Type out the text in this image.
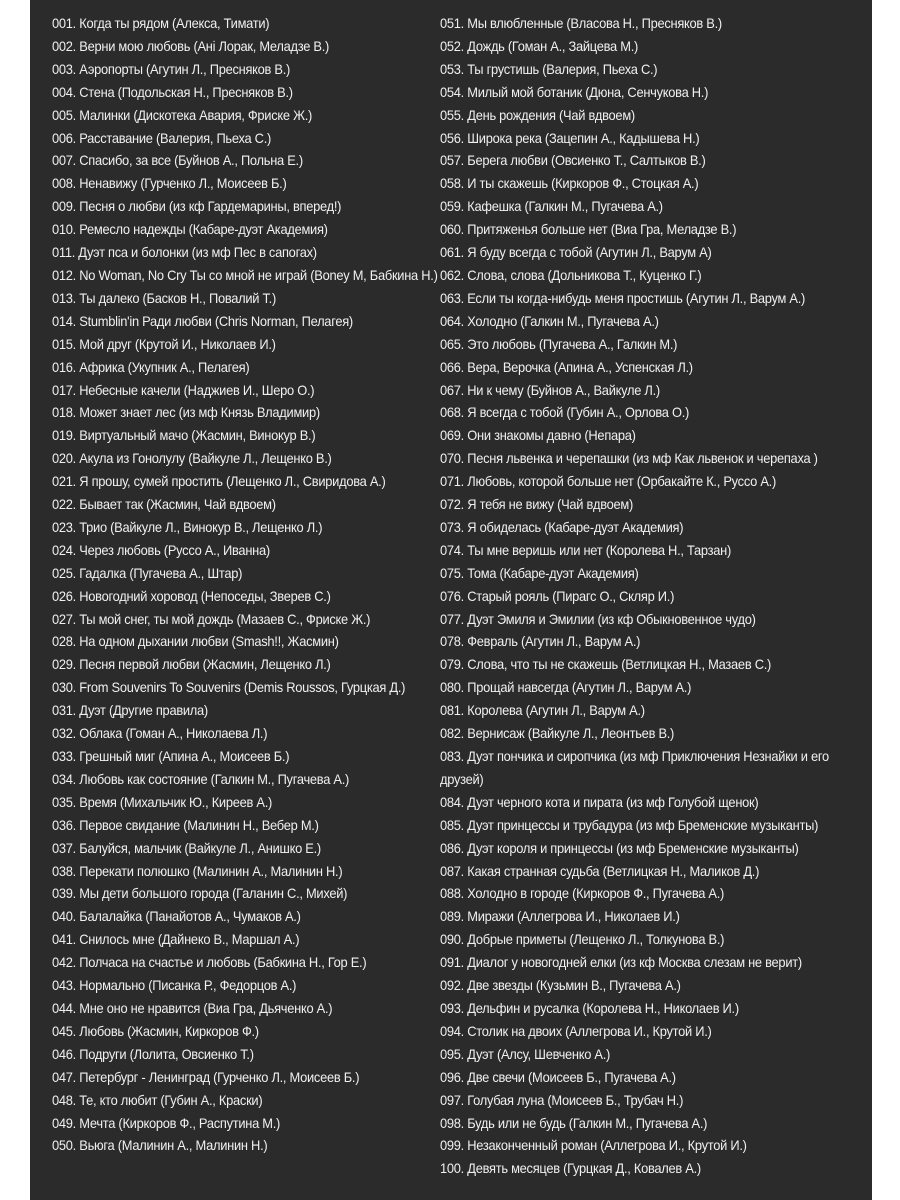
001. Когда ты рядом (Алекса, Тимати)
002. Верни мою любовь (Ані Лорак, Меладзе В.)
003. Аэропорты (Агутин Л., Пресняков В.)
004. Стена (Подольская Н., Пресняков В.)
005. Малинки (Дискотека Авария, Фриске Ж.)
006. Расставание (Валерия, Пьеха С.)
007. Спасибо, за все (Буйнов А., Польна Е.)
008. Ненавижу (Гурченко Л., Моисеев Б.)
009. Песня о любви (из кф Гардемарины, вперед!)
010. Ремесло надежды (Кабаре-дуэт Академия)
011. Дуэт пса и болонки (из мф Пес в сапогах)
012. No Woman, No Cry Ты со мной не играй (Boney M, Бабкина Н.)
013. Ты далеко (Басков Н., Повалий Т.)
014. Stumblin'in Ради любви (Chris Norman, Пелагея)
015. Мой друг (Крутой И., Николаев И.)
016. Африка (Укупник А., Пелагея)
017. Небесные качели (Наджиев И., Шеро О.)
018. Может знает лес (из мф Князь Владимир)
019. Виртуальный мачо (Жасмин, Винокур В.)
020. Акула из Гонолулу (Вайкуле Л., Лещенко В.)
021. Я прошу, сумей простить (Лещенко Л., Свиридова А.)
022. Бывает так (Жасмин, Чай вдвоем)
023. Трио (Вайкуле Л., Винокур В., Лещенко Л.)
024. Через любовь (Руссо А., Иванна)
025. Гадалка (Пугачева А., Штар)
026. Новогодний хоровод (Непоседы, Зверев С.)
027. Ты мой снег, ты мой дождь (Мазаев С., Фриске Ж.)
028. На одном дыхании любви (Smash!!, Жасмин)
029. Песня первой любви (Жасмин, Лещенко Л.)
030. From Souvenirs To Souvenirs (Demis Roussos, Гурцкая Д.)
031. Дуэт (Другие правила)
032. Облака (Гоман А., Николаева Л.)
033. Грешный миг (Апина А., Моисеев Б.)
034. Любовь как состояние (Галкин М., Пугачева А.)
035. Время (Михальчик Ю., Киреев А.)
036. Первое свидание (Малинин Н., Вебер М.)
037. Балуйся, мальчик (Вайкуле Л., Анишко Е.)
038. Перекати полюшко (Малинин А., Малинин Н.)
039. Мы дети большого города (Галанин С., Михей)
040. Балалайка (Панайотов А., Чумаков А.)
041. Снилось мне (Дайнеко В., Маршал А.)
042. Полчаса на счастье и любовь (Бабкина Н., Гор Е.)
043. Нормально (Писанка Р., Федорцов А.)
044. Мне оно не нравится (Виа Гра, Дьяченко А.)
045. Любовь (Жасмин, Киркоров Ф.)
046. Подруги (Лолита, Овсиенко Т.)
047. Петербург - Ленинград (Гурченко Л., Моисеев Б.)
048. Те, кто любит (Губин А., Краски)
049. Мечта (Киркоров Ф., Распутина М.)
050. Вьюга (Малинин А., Малинин Н.)
051. Мы влюбленные (Власова Н., Пресняков В.)
052. Дождь (Гоман А., Зайцева М.)
053. Ты грустишь (Валерия, Пьеха С.)
054. Милый мой ботаник (Дюна, Сенчукова Н.)
055. День рождения (Чай вдвоем)
056. Широка река (Зацепин А., Кадышева Н.)
057. Берега любви (Овсиенко Т., Салтыков В.)
058. И ты скажешь (Киркоров Ф., Стоцкая А.)
059. Кафешка (Галкин М., Пугачева А.)
060. Притяженья больше нет (Виа Гра, Меладзе В.)
061. Я буду всегда с тобой (Агутин Л., Варум А)
062. Слова, слова (Дольникова Т., Куценко Г.)
063. Если ты когда-нибудь меня простишь (Агутин Л., Варум А.)
064. Холодно (Галкин М., Пугачева А.)
065. Это любовь (Пугачева А., Галкин М.)
066. Вера, Верочка (Апина А., Успенская Л.)
067. Ни к чему (Буйнов А., Вайкуле Л.)
068. Я всегда с тобой (Губин А., Орлова О.)
069. Они знакомы давно (Непара)
070. Песня львенка и черепашки (из мф Как львенок и черепаха )
071. Любовь, которой больше нет (Орбакайте К., Руссо А.)
072. Я тебя не вижу (Чай вдвоем)
073. Я обиделась (Кабаре-дуэт Академия)
074. Ты мне веришь или нет (Королева Н., Тарзан)
075. Тома (Кабаре-дуэт Академия)
076. Старый рояль (Пирагс О., Скляр И.)
077. Дуэт Эмиля и Эмилии (из кф Обыкновенное чудо)
078. Февраль (Агутин Л., Варум А.)
079. Слова, что ты не скажешь (Ветлицкая Н., Мазаев С.)
080. Прощай навсегда (Агутин Л., Варум А.)
081. Королева (Агутин Л., Варум А.)
082. Вернисаж (Вайкуле Л., Леонтьев В.)
083. Дуэт пончика и сиропчика (из мф Приключения Незнайки и его друзей)
084. Дуэт черного кота и пирата (из мф Голубой щенок)
085. Дуэт принцессы и трубадура (из мф Бременские музыканты)
086. Дуэт короля и принцессы (из мф Бременские музыканты)
087. Какая странная судьба (Ветлицкая Н., Маликов Д.)
088. Холодно в городе (Киркоров Ф., Пугачева А.)
089. Миражи (Аллегрова И., Николаев И.)
090. Добрые приметы (Лещенко Л., Толкунова В.)
091. Диалог у новогодней елки (из кф Москва слезам не верит)
092. Две звезды (Кузьмин В., Пугачева А.)
093. Дельфин и русалка (Королева Н., Николаев И.)
094. Столик на двоих (Аллегрова И., Крутой И.)
095. Дуэт (Алсу, Шевченко А.)
096. Две свечи (Моисеев Б., Пугачева А.)
097. Голубая луна (Моисеев Б., Трубач Н.)
098. Будь или не будь (Галкин М., Пугачева А.)
099. Незаконченный роман (Аллегрова И., Крутой И.)
100. Девять месяцев (Гурцкая Д., Ковалев А.)
